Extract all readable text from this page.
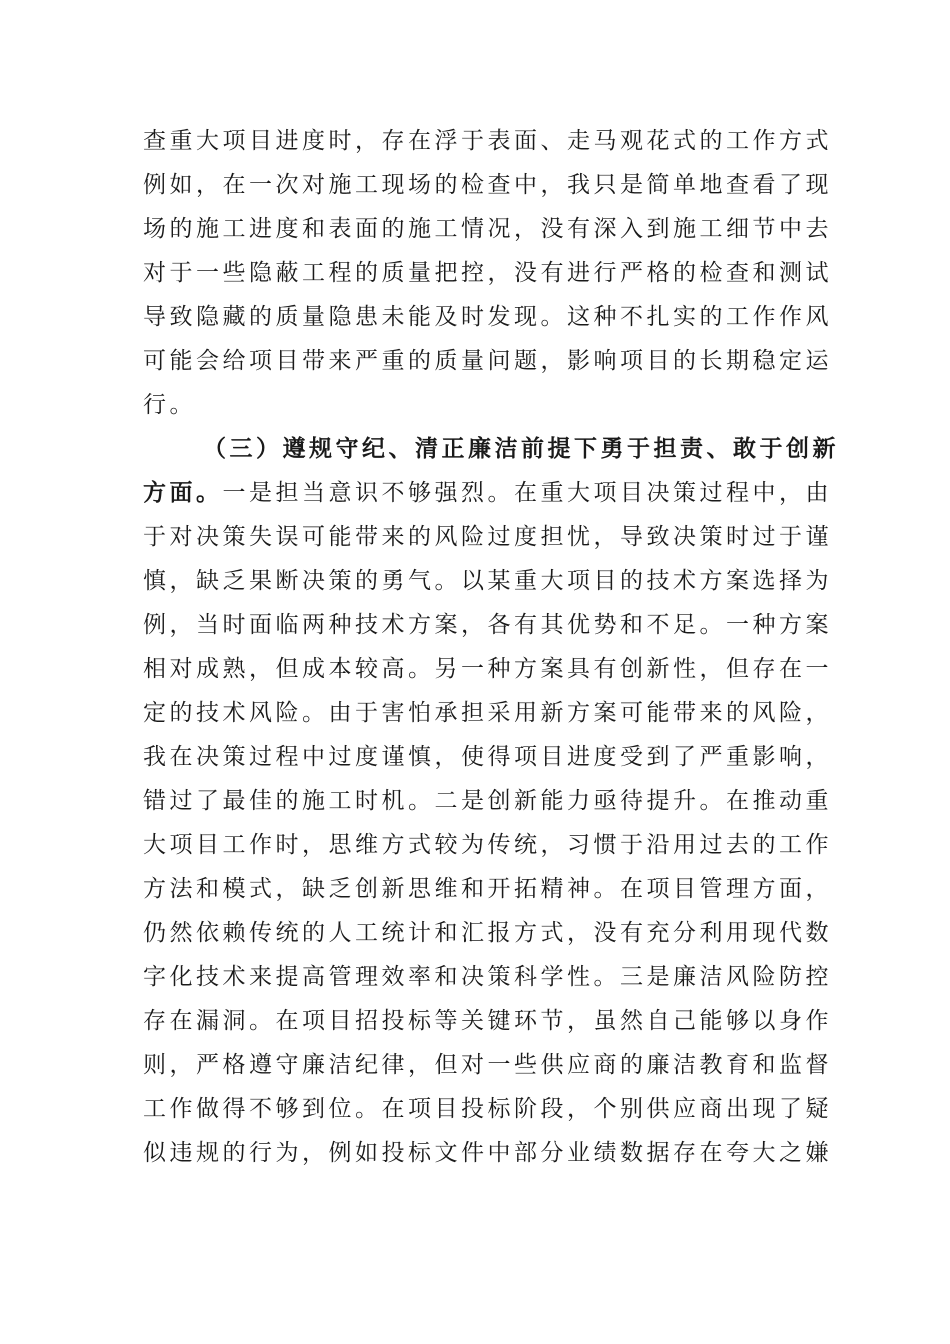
查重大项目进度时，存在浮于表面、走马观花式的工作方式
例如，在一次对施工现场的检查中，我只是简单地查看了现
场的施工进度和表面的施工情况，没有深入到施工细节中去
对于一些隐蔽工程的质量把控，没有进行严格的检查和测试
导致隐藏的质量隐患未能及时发现。这种不扎实的工作作风
可能会给项目带来严重的质量问题，影响项目的长期稳定运
行。
（三）遵规守纪、清正廉洁前提下勇于担责、敢于创新
方面。一是担当意识不够强烈。在重大项目决策过程中，由
于对决策失误可能带来的风险过度担忧，导致决策时过于谨
慎，缺乏果断决策的勇气。以某重大项目的技术方案选择为
例，当时面临两种技术方案，各有其优势和不足。一种方案
相对成熟，但成本较高。另一种方案具有创新性，但存在一
定的技术风险。由于害怕承担采用新方案可能带来的风险，
我在决策过程中过度谨慎，使得项目进度受到了严重影响，
错过了最佳的施工时机。二是创新能力亟待提升。在推动重
大项目工作时，思维方式较为传统，习惯于沿用过去的工作
方法和模式，缺乏创新思维和开拓精神。在项目管理方面，
仍然依赖传统的人工统计和汇报方式，没有充分利用现代数
字化技术来提高管理效率和决策科学性。三是廉洁风险防控
存在漏洞。在项目招投标等关键环节，虽然自己能够以身作
则，严格遵守廉洁纪律，但对一些供应商的廉洁教育和监督
工作做得不够到位。在项目投标阶段，个别供应商出现了疑
似违规的行为，例如投标文件中部分业绩数据存在夸大之嫌
